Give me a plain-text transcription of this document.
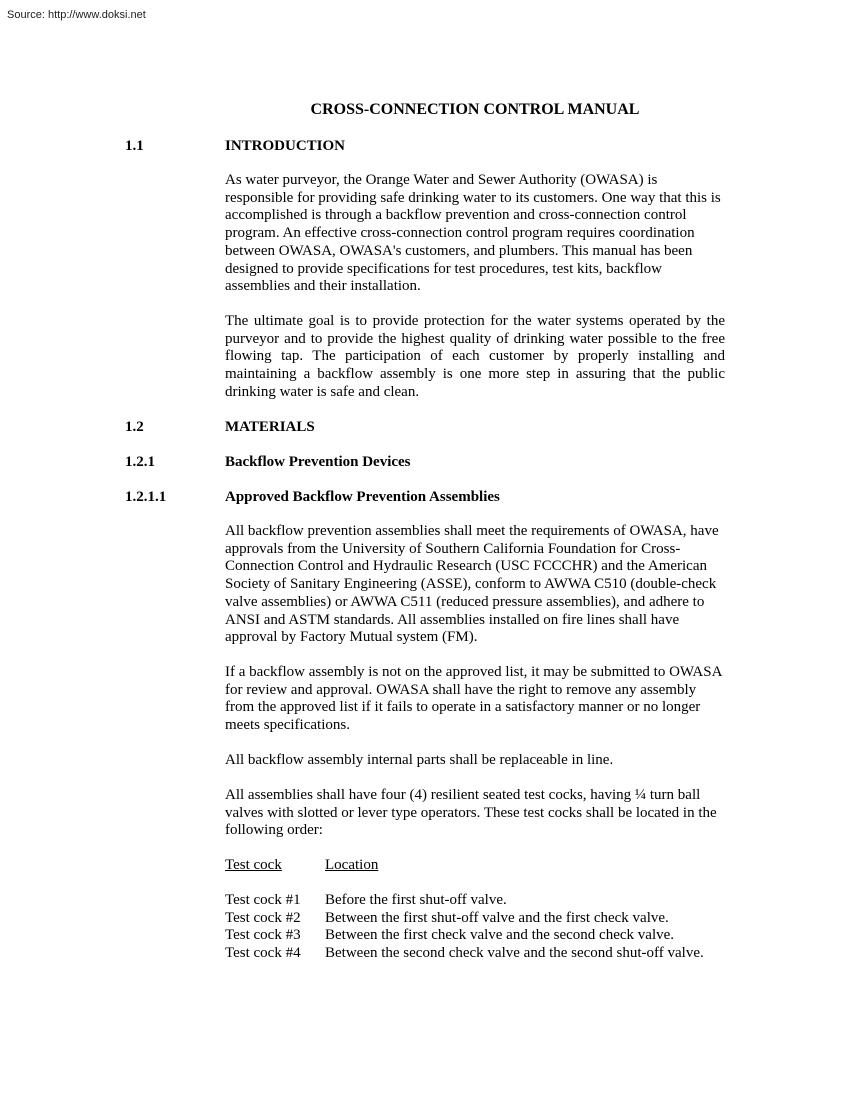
Source: http://www.doksi.net
CROSS-CONNECTION CONTROL MANUAL
1.1	INTRODUCTION

As water purveyor, the Orange Water and Sewer Authority (OWASA) is responsible for providing safe drinking water to its customers. One way that this is accomplished is through a backflow prevention and cross-connection control program. An effective cross-connection control program requires coordination between OWASA, OWASA's customers, and plumbers. This manual has been designed to provide specifications for test procedures, test kits, backflow assemblies and their installation.

The ultimate goal is to provide protection for the water systems operated by the purveyor and to provide the highest quality of drinking water possible to the free flowing tap. The participation of each customer by properly installing and maintaining a backflow assembly is one more step in assuring that the public drinking water is safe and clean.

1.2	MATERIALS
1.2.1	Backflow Prevention Devices
1.2.1.1	Approved Backflow Prevention Assemblies

All backflow prevention assemblies shall meet the requirements of OWASA, have approvals from the University of Southern California Foundation for Cross-Connection Control and Hydraulic Research (USC FCCCHR) and the American Society of Sanitary Engineering (ASSE), conform to AWWA C510 (double-check valve assemblies) or AWWA C511 (reduced pressure assemblies), and adhere to ANSI and ASTM standards. All assemblies installed on fire lines shall have approval by Factory Mutual system (FM).

If a backflow assembly is not on the approved list, it may be submitted to OWASA for review and approval. OWASA shall have the right to remove any assembly from the approved list if it fails to operate in a satisfactory manner or no longer meets specifications.

All backflow assembly internal parts shall be replaceable in line.

All assemblies shall have four (4) resilient seated test cocks, having ¼ turn ball valves with slotted or lever type operators. These test cocks shall be located in the following order:

Test cock	Location
Test cock #1 Before the first shut-off valve.
Test cock #2 Between the first shut-off valve and the first check valve.
Test cock #3 Between the first check valve and the second check valve.
Test cock #4 Between the second check valve and the second shut-off valve.
